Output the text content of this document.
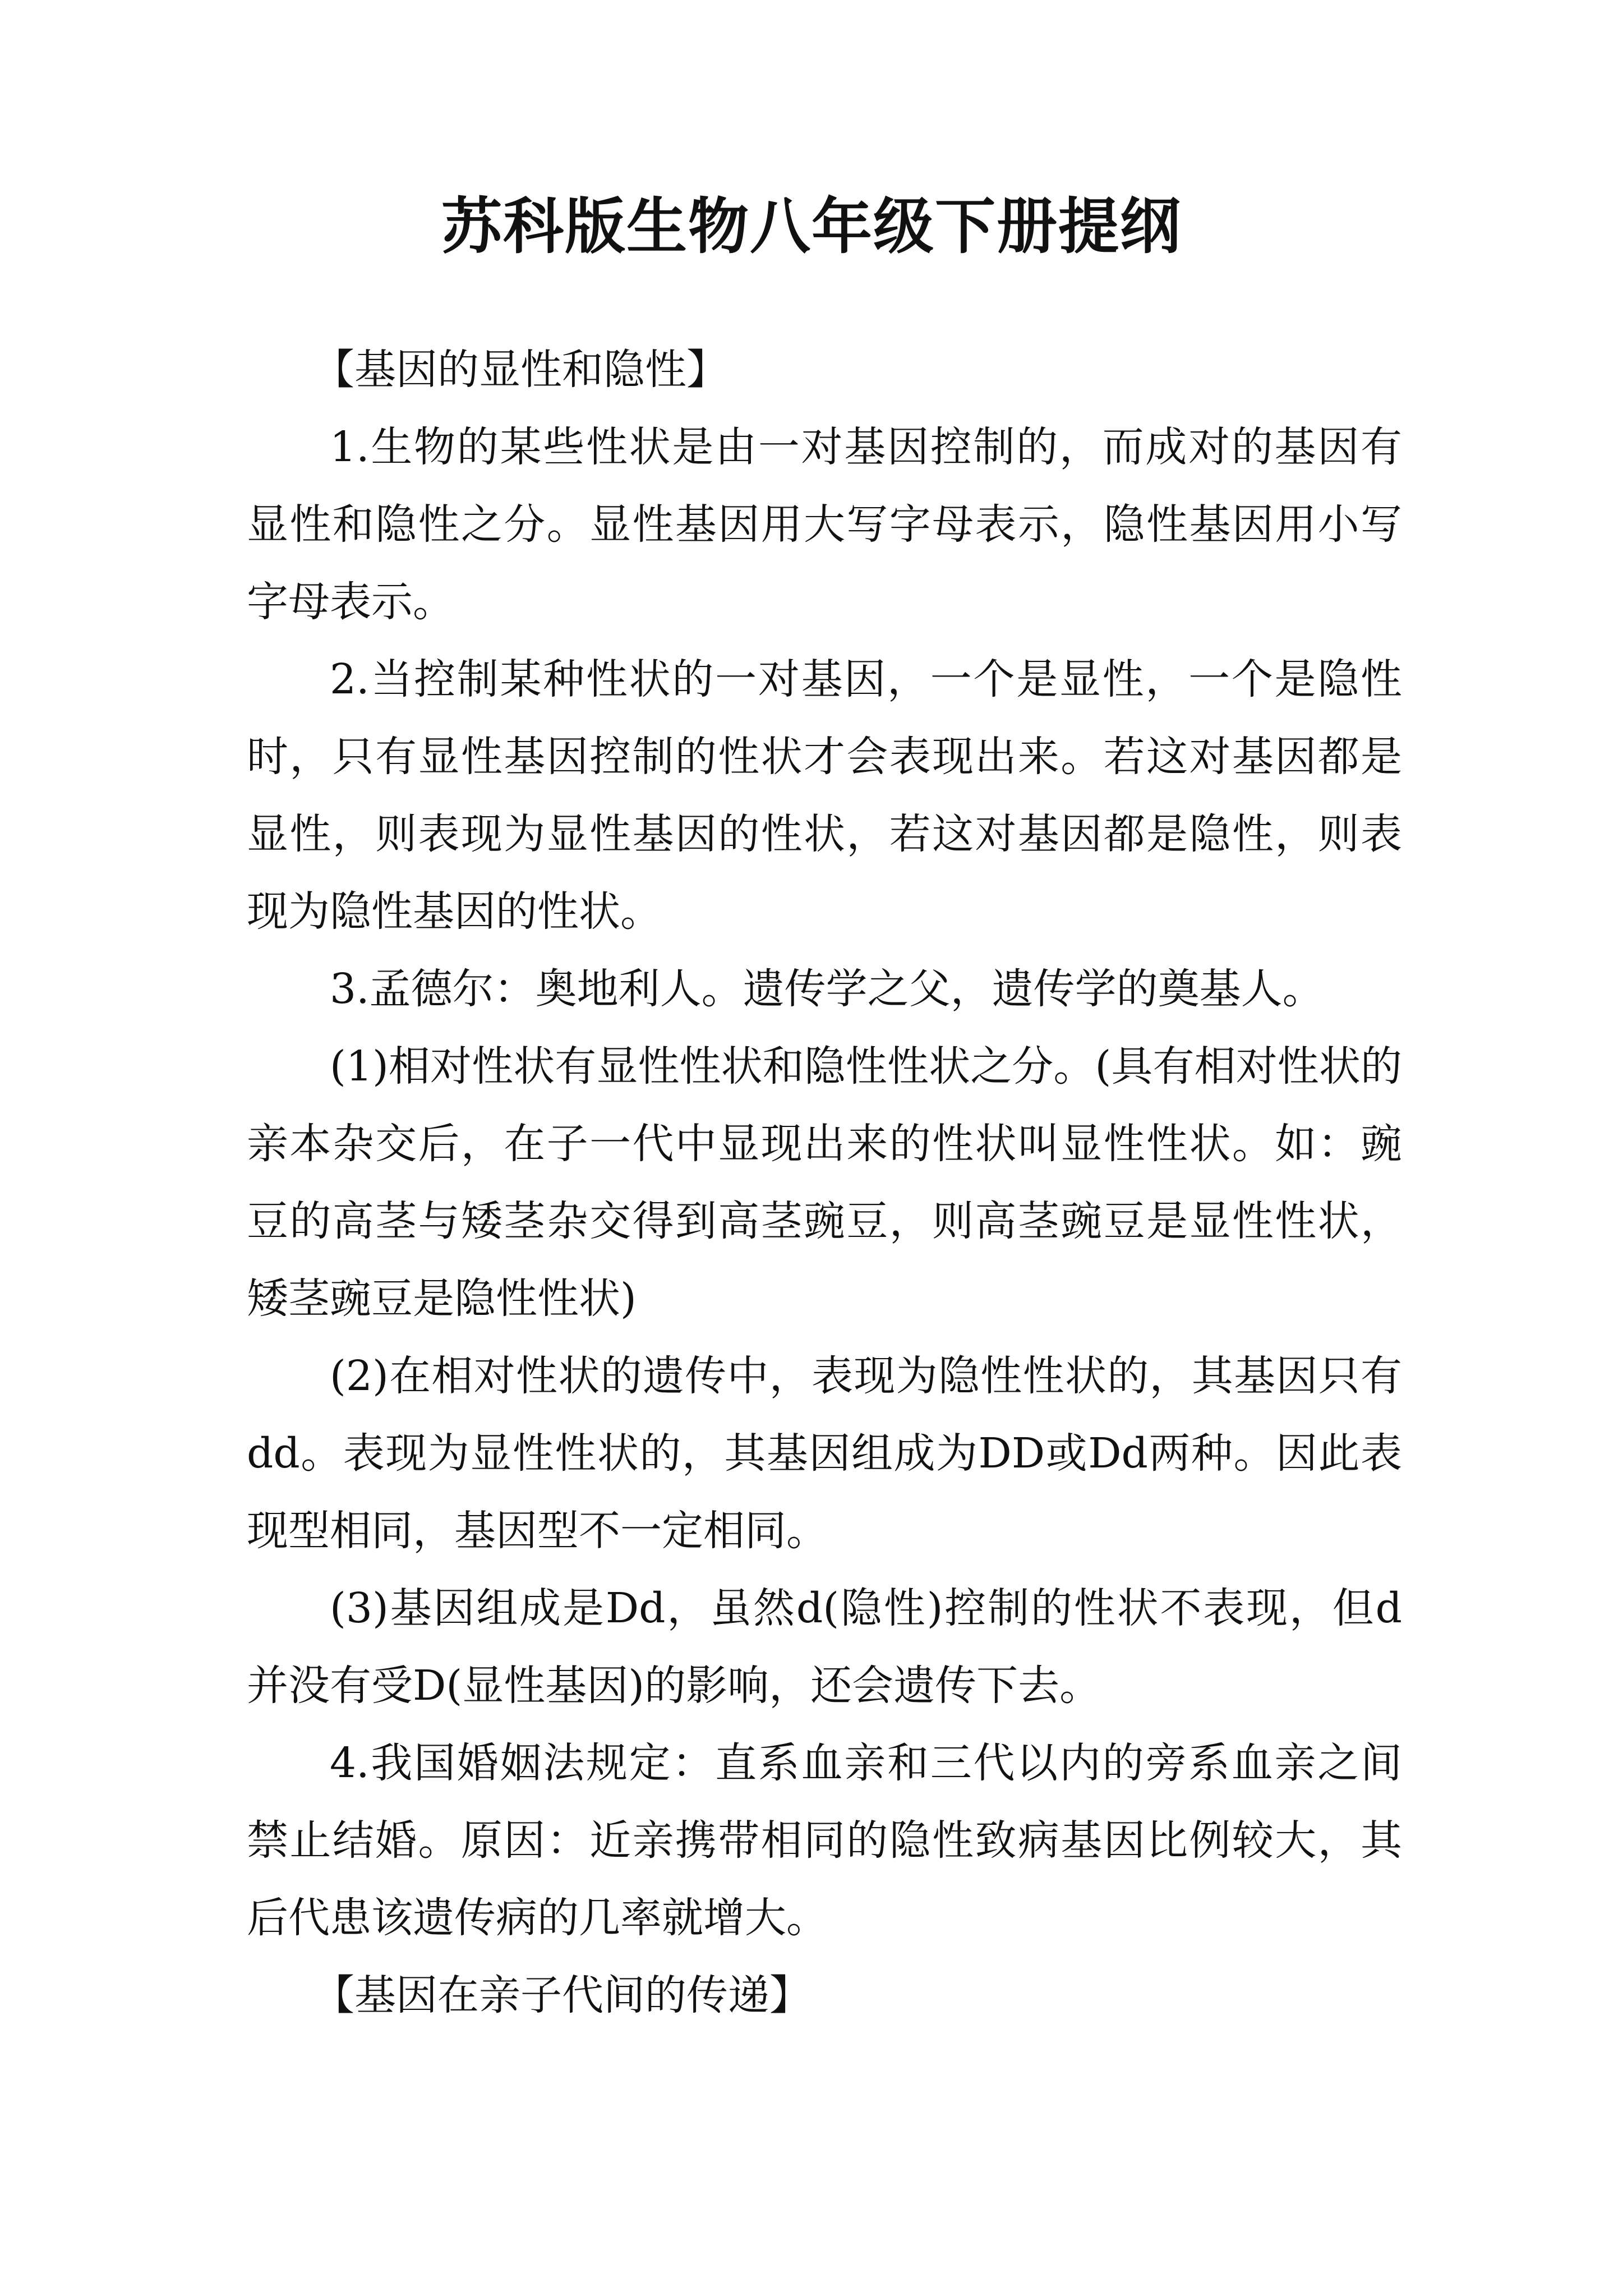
苏科版生物八年级下册提纲

【基因的显性和隐性】

1.生物的某些性状是由一对基因控制的，而成对的基因有显性和隐性之分。显性基因用大写字母表示，隐性基因用小写字母表示。

2.当控制某种性状的一对基因，一个是显性，一个是隐性时，只有显性基因控制的性状才会表现出来。若这对基因都是显性，则表现为显性基因的性状，若这对基因都是隐性，则表现为隐性基因的性状。

3.孟德尔：奥地利人。遗传学之父，遗传学的奠基人。

(1)相对性状有显性性状和隐性性状之分。(具有相对性状的亲本杂交后，在子一代中显现出来的性状叫显性性状。如：豌豆的高茎与矮茎杂交得到高茎豌豆，则高茎豌豆是显性性状，矮茎豌豆是隐性性状)

(2)在相对性状的遗传中，表现为隐性性状的，其基因只有dd。表现为显性性状的，其基因组成为DD或Dd两种。因此表现型相同，基因型不一定相同。

(3)基因组成是Dd，虽然d(隐性)控制的性状不表现，但d并没有受D(显性基因)的影响，还会遗传下去。

4.我国婚姻法规定：直系血亲和三代以内的旁系血亲之间禁止结婚。原因：近亲携带相同的隐性致病基因比例较大，其后代患该遗传病的几率就增大。

【基因在亲子代间的传递】
